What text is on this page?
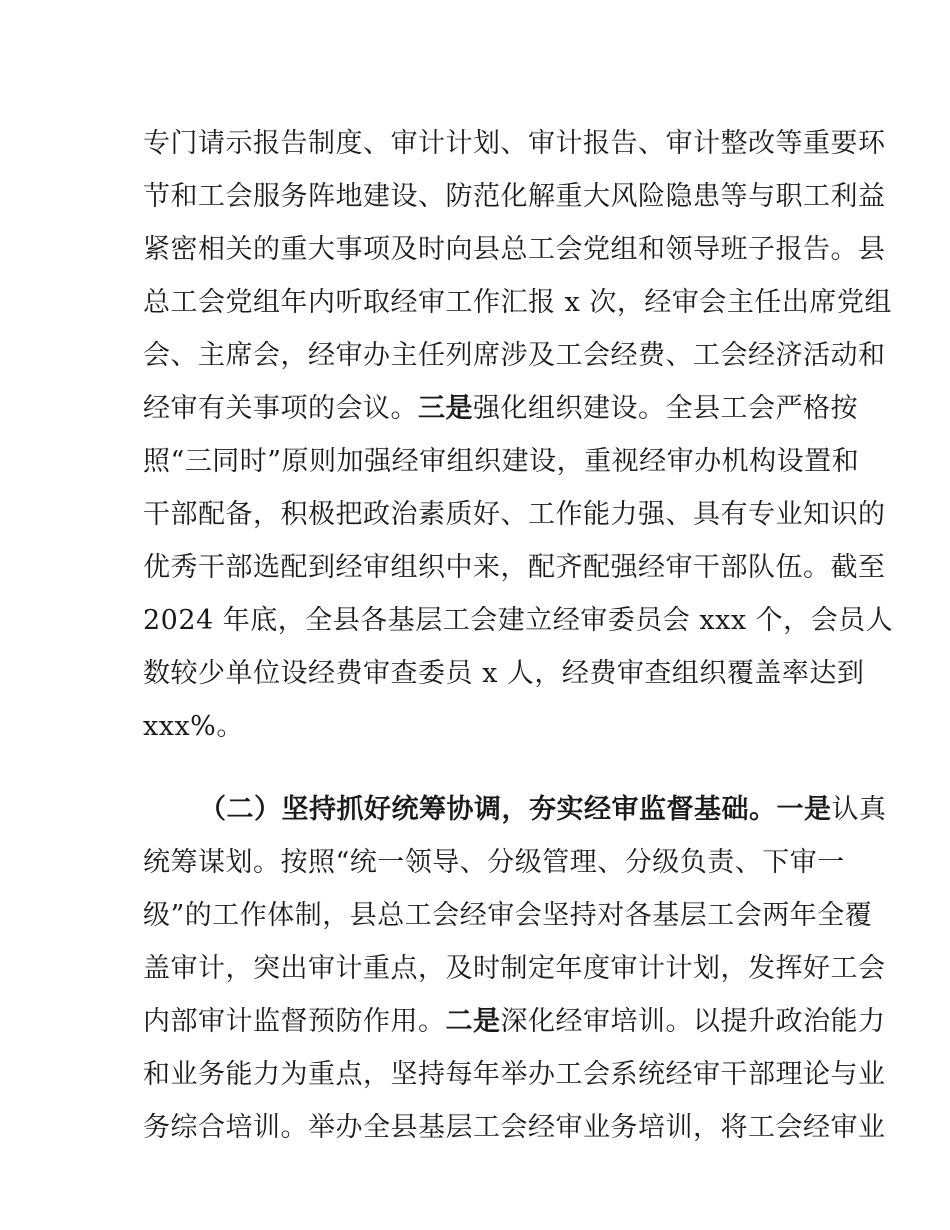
专门请示报告制度、审计计划、审计报告、审计整改等重要环
节和工会服务阵地建设、防范化解重大风险隐患等与职工利益
紧密相关的重大事项及时向县总工会党组和领导班子报告。县
总工会党组年内听取经审工作汇报 x 次，经审会主任出席党组
会、主席会，经审办主任列席涉及工会经费、工会经济活动和
经审有关事项的会议。三是强化组织建设。全县工会严格按
照“三同时”原则加强经审组织建设，重视经审办机构设置和
干部配备，积极把政治素质好、工作能力强、具有专业知识的
优秀干部选配到经审组织中来，配齐配强经审干部队伍。截至
2024 年底，全县各基层工会建立经审委员会 xxx 个，会员人
数较少单位设经费审查委员 x 人，经费审查组织覆盖率达到
xxx%。
（二）坚持抓好统筹协调，夯实经审监督基础。一是认真
统筹谋划。按照“统一领导、分级管理、分级负责、下审一
级”的工作体制，县总工会经审会坚持对各基层工会两年全覆
盖审计，突出审计重点，及时制定年度审计计划，发挥好工会
内部审计监督预防作用。二是深化经审培训。以提升政治能力
和业务能力为重点，坚持每年举办工会系统经审干部理论与业
务综合培训。举办全县基层工会经审业务培训，将工会经审业
